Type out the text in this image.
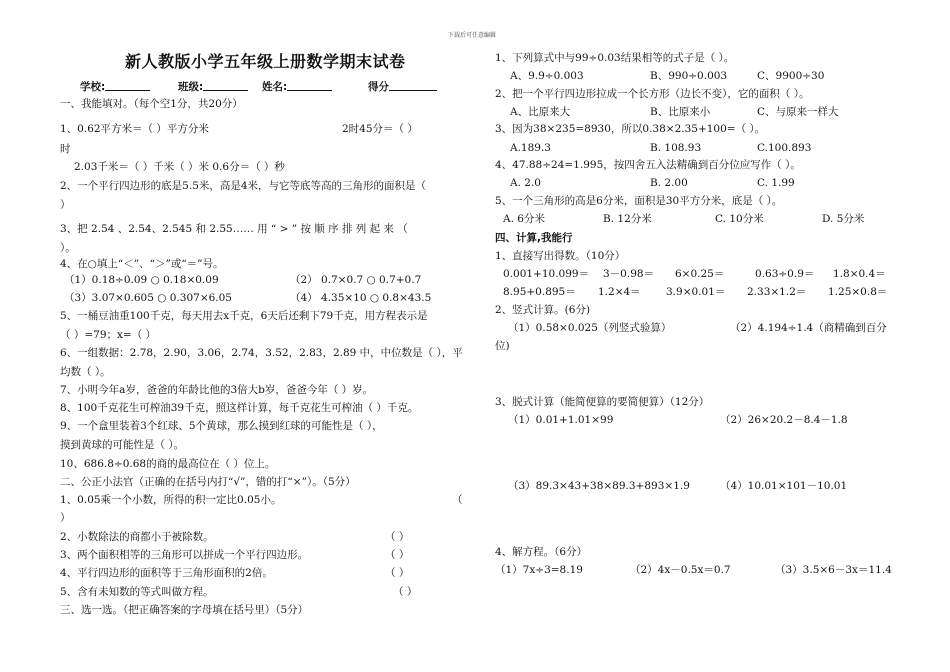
下载后可任意编辑
新人教版小学五年级上册数学期末试卷
学校:	班级:	姓名:	得分
一、我能填对。（每个空1分，共20分）
1、0.62平方米＝（ ）平方分米	2时45分＝（ ）
时
2.03千米＝（ ）千米（ ）米 0.6分＝（ ）秒
2、一个平行四边形的底是5.5米，高是4米，与它等底等高的三角形的面积是（
）
3、把 2.54 、2.54、2.545 和 2.55…… 用 “ > ” 按 顺 序 排 列 起 来 （
）。
4、在○填上“＜”、“＞”或“＝”号。
（1）0.18÷0.09 ○ 0.18×0.09	（2） 0.7×0.7 ○ 0.7+0.7
（3）3.07×0.605 ○ 0.307×6.05	（4） 4.35×10 ○ 0.8×43.5
5、一桶豆油重100千克，每天用去x千克，6天后还剩下79千克，用方程表示是
（ ）=79；x=（ ）
6、一组数据：2.78，2.90，3.06，2.74，3.52，2.83，2.89 中，中位数是（ ），平
均数（ ）。
7、小明今年a岁，爸爸的年龄比他的3倍大b岁，爸爸今年（ ）岁。
8、100千克花生可榨油39千克，照这样计算，每千克花生可榨油（ ）千克。
9、一个盒里装着3个红球、5个黄球，那么摸到红球的可能性是（ ），
摸到黄球的可能性是（ ）。
10、686.8÷0.68的商的最高位在（ ）位上。
二、公正小法官（正确的在括号内打“√”，错的打“×”）。（5分）
1、0.05乘一个小数，所得的积一定比0.05小。	（
）
2、小数除法的商都小于被除数。	（ ）
3、两个面积相等的三角形可以拼成一个平行四边形。	（ ）
4、平行四边形的面积等于三角形面积的2倍。	（ ）
5、含有未知数的等式叫做方程。	（ ）
三、选一选。（把正确答案的字母填在括号里）（5分）
1、下列算式中与99÷0.03结果相等的式子是（ ）。
A、9.9÷0.003	B、990÷0.003	C、9900÷30
2、把一个平行四边形拉成一个长方形（边长不变），它的面积（ ）。
A、比原来大	B、比原来小	C、与原来一样大
3、因为38×235=8930，所以0.38×2.35+100=（ ）。
A.189.3	B. 108.93	C.100.893
4、47.88÷24=1.995，按四舍五入法精确到百分位应写作（ ）。
A. 2.0	B. 2.00	C. 1.99
5、一个三角形的高是6分米，面积是30平方分米，底是（ ）。
A. 6分米	B. 12分米	C. 10分米	D. 5分米
四、计算,我能行
1、直接写出得数。（10分）
0.001+10.099＝ 3－0.98＝ 6×0.25＝	0.63÷0.9＝ 1.8×0.4＝
8.95+0.895＝ 1.2×4＝ 3.9×0.01＝ 2.33×1.2＝ 1.25×0.8＝
2、竖式计算。(6分)
（1）0.58×0.025（列竖式验算）	（2）4.194÷1.4（商精确到百分
位)
3、脱式计算（能简便算的要简便算）（12分）
（1）0.01+1.01×99	（2）26×20.2－8.4－1.8
（3）89.3×43+38×89.3+893×1.9	（4）10.01×101－10.01
4、解方程。（6分）
（1）7x÷3=8.19	（2）4x－0.5x＝0.7	（3）3.5×6－3x＝11.4
